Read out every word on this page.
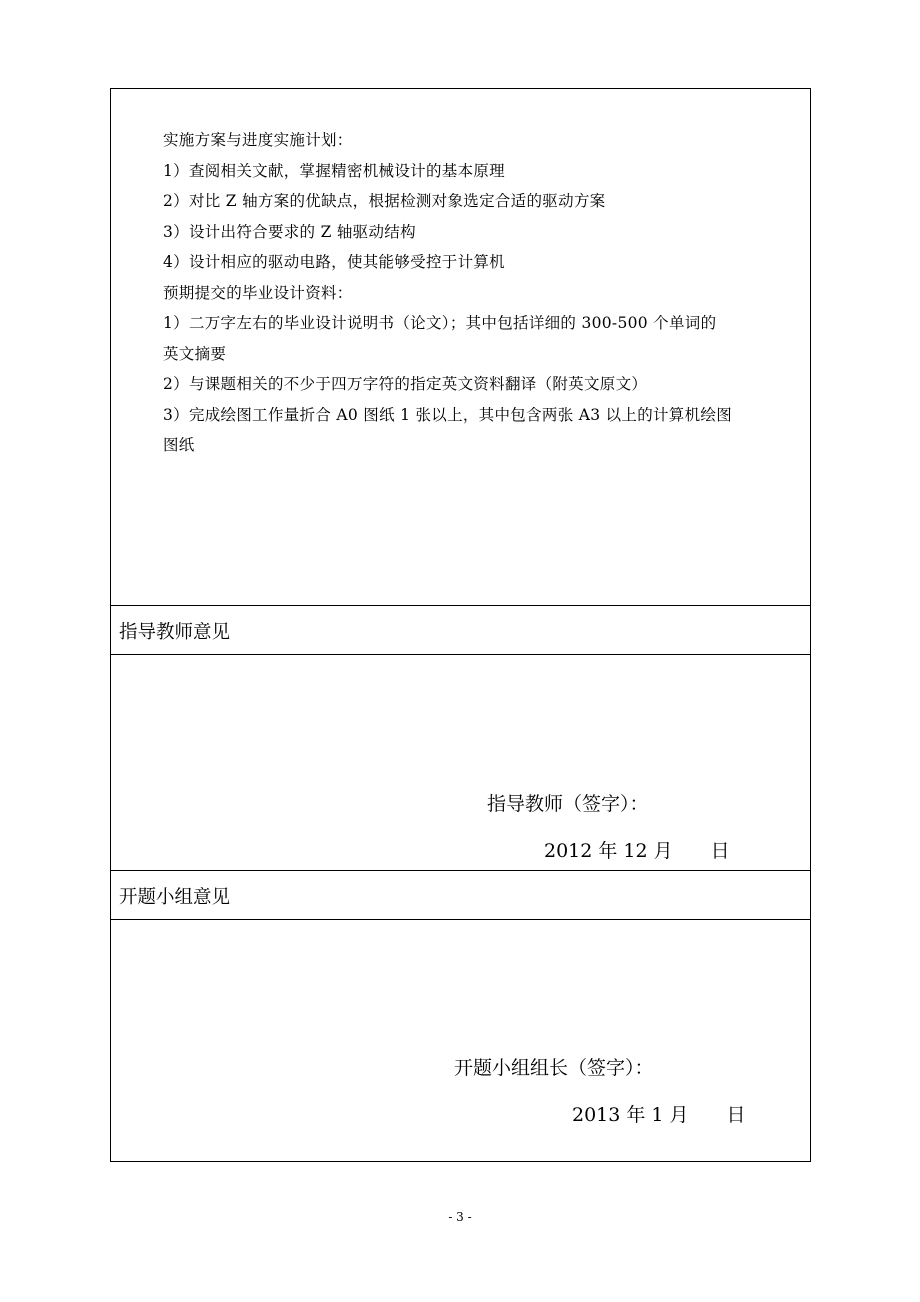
实施方案与进度实施计划：
1）查阅相关文献，掌握精密机械设计的基本原理
2）对比 Z 轴方案的优缺点，根据检测对象选定合适的驱动方案
3）设计出符合要求的 Z 轴驱动结构
4）设计相应的驱动电路，使其能够受控于计算机
预期提交的毕业设计资料：
1）二万字左右的毕业设计说明书（论文）；其中包括详细的 300-500 个单词的
英文摘要
2）与课题相关的不少于四万字符的指定英文资料翻译（附英文原文）
3）完成绘图工作量折合 A0 图纸 1 张以上，其中包含两张 A3 以上的计算机绘图
图纸
指导教师意见
指导教师（签字）：
2012 年 12 月　　日
开题小组意见
开题小组组长（签字）：
2013 年 1 月　　日
- 3 -
